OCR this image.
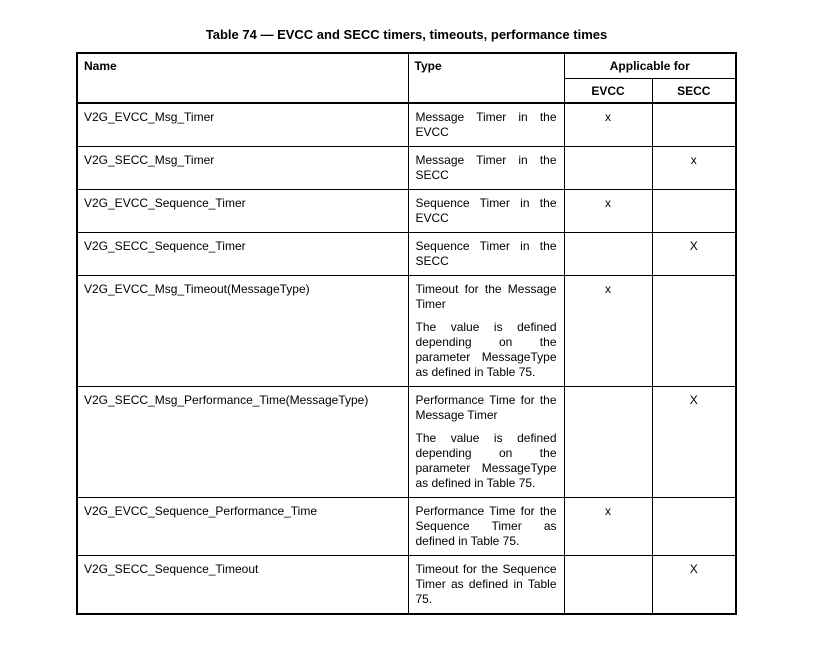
Table 74 — EVCC and SECC timers, timeouts, performance times
Name	Type	Applicable for	
		EVCC	SECC
V2G_EVCC_Msg_Timer	Message Timer in the EVCC	x	
V2G_SECC_Msg_Timer	Message Timer in the SECC		x
V2G_EVCC_Sequence_Timer	Sequence Timer in the EVCC	x	
V2G_SECC_Sequence_Timer	Sequence Timer in the SECC		X
V2G_EVCC_Msg_Timeout(MessageType)	Timeout for the Message Timer

The value is defined depending on the parameter MessageType as defined in Table 75.	x	
V2G_SECC_Msg_Performance_Time(MessageType)	Performance Time for the Message Timer

The value is defined depending on the parameter MessageType as defined in Table 75.		X
V2G_EVCC_Sequence_Performance_Time	Performance Time for the Sequence Timer as defined in Table 75.	x	
V2G_SECC_Sequence_Timeout	Timeout for the Sequence Timer as defined in Table 75.		X
